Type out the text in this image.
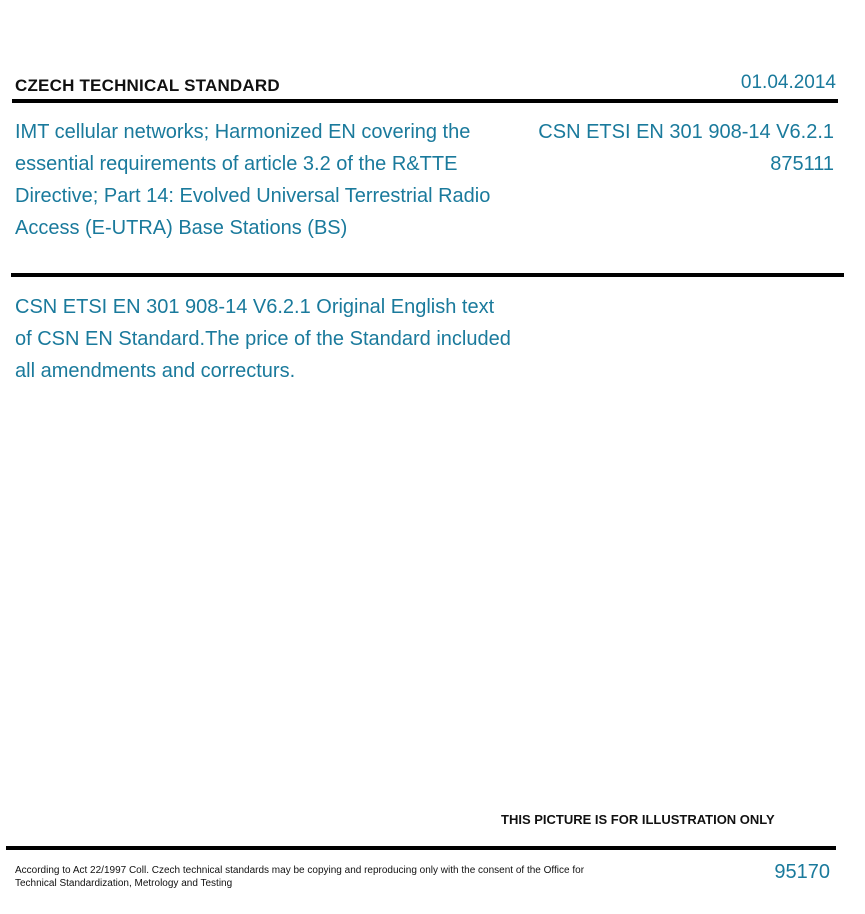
CZECH TECHNICAL STANDARD	01.04.2014
IMT cellular networks; Harmonized EN covering the essential requirements of article 3.2 of the R&TTE Directive; Part 14: Evolved Universal Terrestrial Radio Access (E-UTRA) Base Stations (BS)
CSN ETSI EN 301 908-14 V6.2.1
875111
CSN ETSI EN 301 908-14 V6.2.1 Original English text of CSN EN Standard.The price of the Standard included all amendments and correcturs.
THIS PICTURE IS FOR ILLUSTRATION ONLY
According to Act 22/1997 Coll. Czech technical standards may be copying and reproducing only with the consent of the Office for Technical Standardization, Metrology and Testing
95170
